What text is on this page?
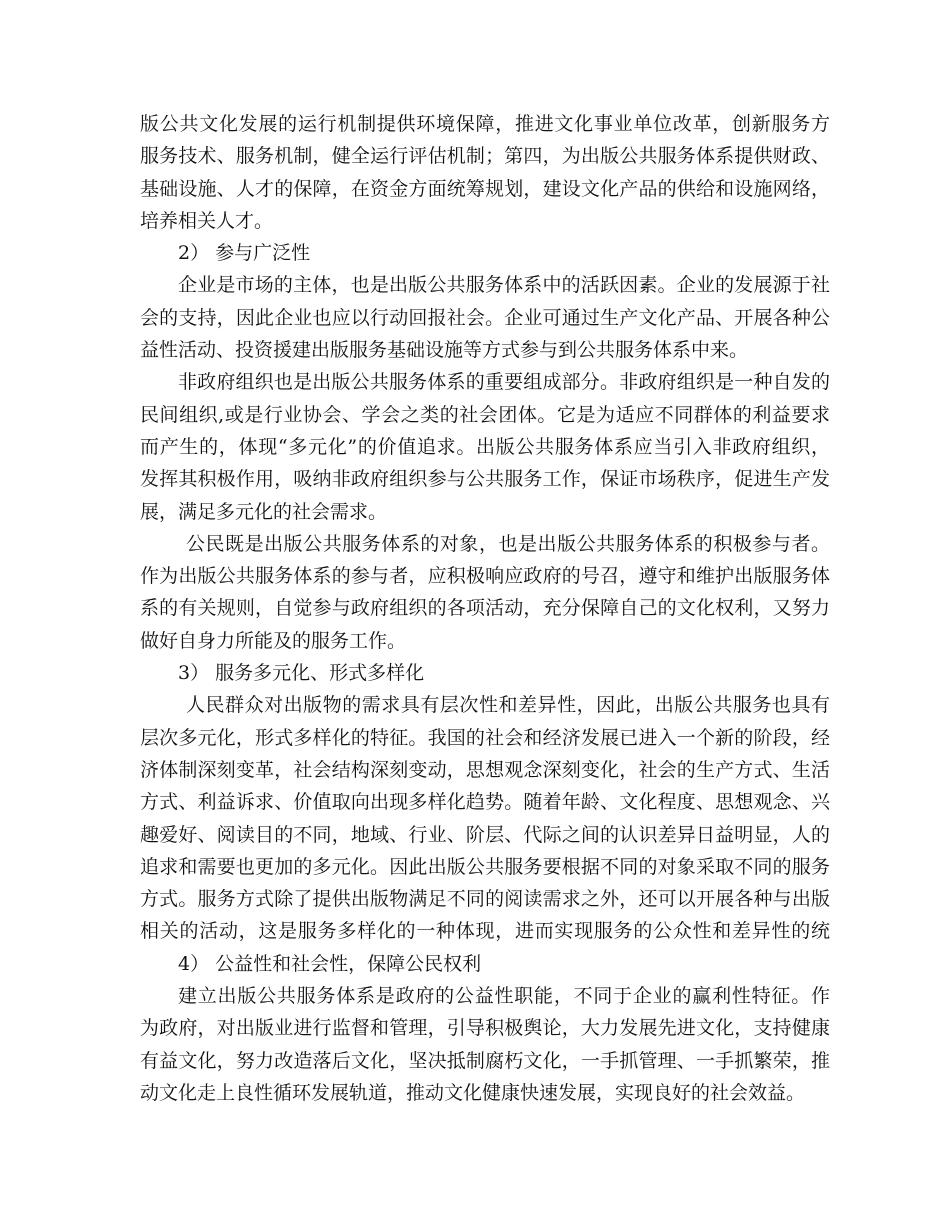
版公共文化发展的运行机制提供环境保障，推进文化事业单位改革，创新服务方
服务技术、服务机制，健全运行评估机制；第四，为出版公共服务体系提供财政、
基础设施、人才的保障，在资金方面统筹规划，建设文化产品的供给和设施网络，
培养相关人才。
2） 参与广泛性
企业是市场的主体，也是出版公共服务体系中的活跃因素。企业的发展源于社
会的支持，因此企业也应以行动回报社会。企业可通过生产文化产品、开展各种公
益性活动、投资援建出版服务基础设施等方式参与到公共服务体系中来。
非政府组织也是出版公共服务体系的重要组成部分。非政府组织是一种自发的
民间组织,或是行业协会、学会之类的社会团体。它是为适应不同群体的利益要求
而产生的，体现“多元化”的价值追求。出版公共服务体系应当引入非政府组织，
发挥其积极作用，吸纳非政府组织参与公共服务工作，保证市场秩序，促进生产发
展，满足多元化的社会需求。
公民既是出版公共服务体系的对象，也是出版公共服务体系的积极参与者。
作为出版公共服务体系的参与者，应积极响应政府的号召，遵守和维护出版服务体
系的有关规则，自觉参与政府组织的各项活动，充分保障自己的文化权利，又努力
做好自身力所能及的服务工作。
3） 服务多元化、形式多样化
人民群众对出版物的需求具有层次性和差异性，因此，出版公共服务也具有
层次多元化，形式多样化的特征。我国的社会和经济发展已进入一个新的阶段，经
济体制深刻变革，社会结构深刻变动，思想观念深刻变化，社会的生产方式、生活
方式、利益诉求、价值取向出现多样化趋势。随着年龄、文化程度、思想观念、兴
趣爱好、阅读目的不同，地域、行业、阶层、代际之间的认识差异日益明显，人的
追求和需要也更加的多元化。因此出版公共服务要根据不同的对象采取不同的服务
方式。服务方式除了提供出版物满足不同的阅读需求之外，还可以开展各种与出版
相关的活动，这是服务多样化的一种体现，进而实现服务的公众性和差异性的统
4） 公益性和社会性，保障公民权利
建立出版公共服务体系是政府的公益性职能，不同于企业的赢利性特征。作
为政府，对出版业进行监督和管理，引导积极舆论，大力发展先进文化，支持健康
有益文化，努力改造落后文化，坚决抵制腐朽文化，一手抓管理、一手抓繁荣，推
动文化走上良性循环发展轨道，推动文化健康快速发展，实现良好的社会效益。
